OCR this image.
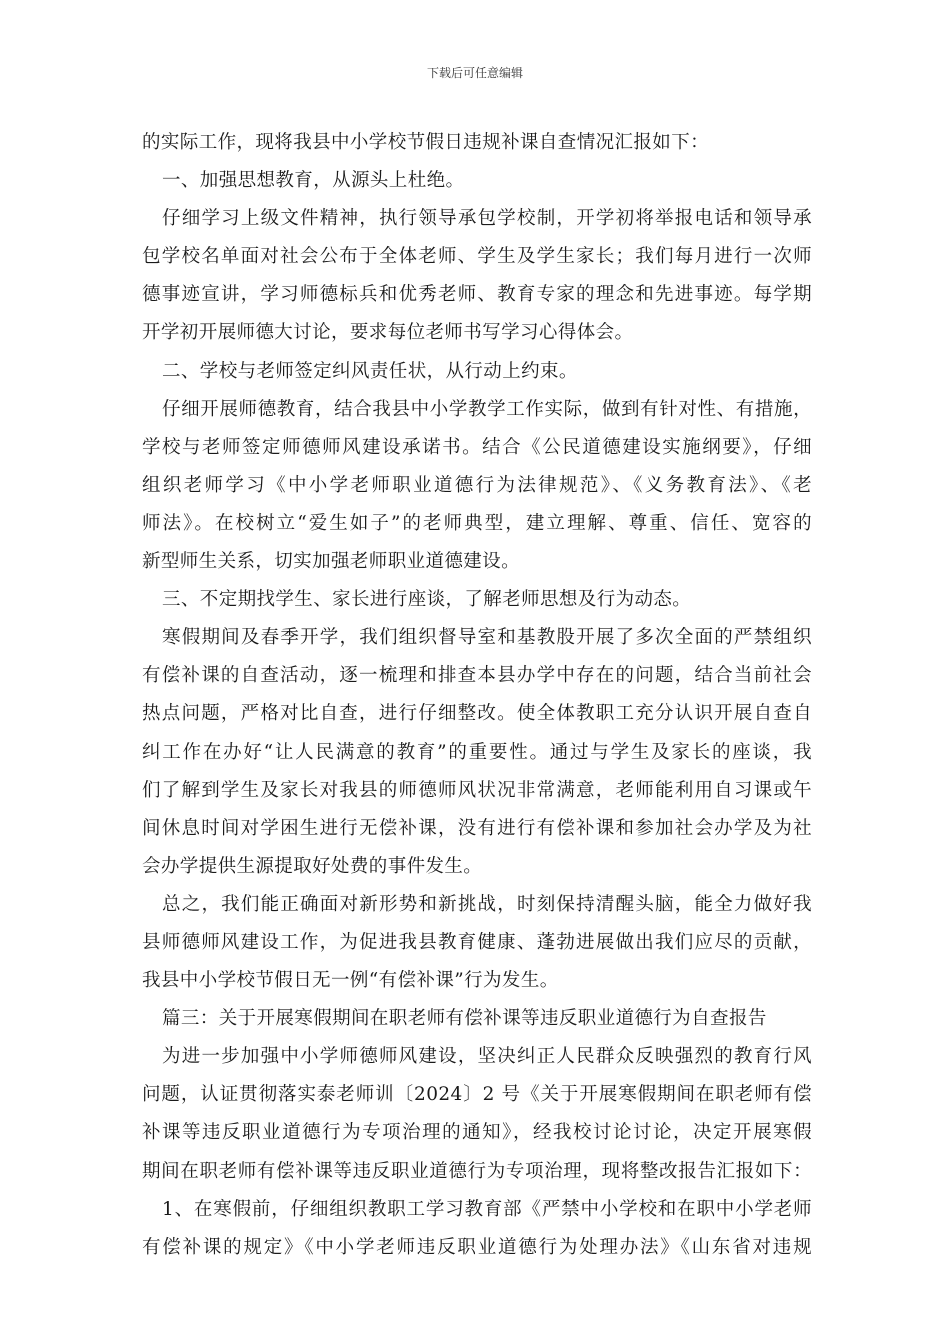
下载后可任意编辑
的实际工作，现将我县中小学校节假日违规补课自查情况汇报如下：
一、加强思想教育，从源头上杜绝。
仔细学习上级文件精神，执行领导承包学校制，开学初将举报电话和领导承
包学校名单面对社会公布于全体老师、学生及学生家长；我们每月进行一次师
德事迹宣讲，学习师德标兵和优秀老师、教育专家的理念和先进事迹。每学期
开学初开展师德大讨论，要求每位老师书写学习心得体会。
二、学校与老师签定纠风责任状，从行动上约束。
仔细开展师德教育，结合我县中小学教学工作实际，做到有针对性、有措施，
学校与老师签定师德师风建设承诺书。结合《公民道德建设实施纲要》，仔细
组织老师学习《中小学老师职业道德行为法律规范》、《义务教育法》、《老
师法》。在校树立“爱生如子”的老师典型，建立理解、尊重、信任、宽容的
新型师生关系，切实加强老师职业道德建设。
三、不定期找学生、家长进行座谈，了解老师思想及行为动态。
寒假期间及春季开学，我们组织督导室和基教股开展了多次全面的严禁组织
有偿补课的自查活动，逐一梳理和排查本县办学中存在的问题，结合当前社会
热点问题，严格对比自查，进行仔细整改。使全体教职工充分认识开展自查自
纠工作在办好“让人民满意的教育”的重要性。通过与学生及家长的座谈，我
们了解到学生及家长对我县的师德师风状况非常满意，老师能利用自习课或午
间休息时间对学困生进行无偿补课，没有进行有偿补课和参加社会办学及为社
会办学提供生源提取好处费的事件发生。
总之，我们能正确面对新形势和新挑战，时刻保持清醒头脑，能全力做好我
县师德师风建设工作，为促进我县教育健康、蓬勃进展做出我们应尽的贡献，
我县中小学校节假日无一例“有偿补课”行为发生。
篇三：关于开展寒假期间在职老师有偿补课等违反职业道德行为自查报告
为进一步加强中小学师德师风建设，坚决纠正人民群众反映强烈的教育行风
问题，认证贯彻落实泰老师训〔2024〕2 号《关于开展寒假期间在职老师有偿
补课等违反职业道德行为专项治理的通知》，经我校讨论讨论，决定开展寒假
期间在职老师有偿补课等违反职业道德行为专项治理，现将整改报告汇报如下：
1、在寒假前，仔细组织教职工学习教育部《严禁中小学校和在职中小学老师
有偿补课的规定》《中小学老师违反职业道德行为处理办法》《山东省对违规
